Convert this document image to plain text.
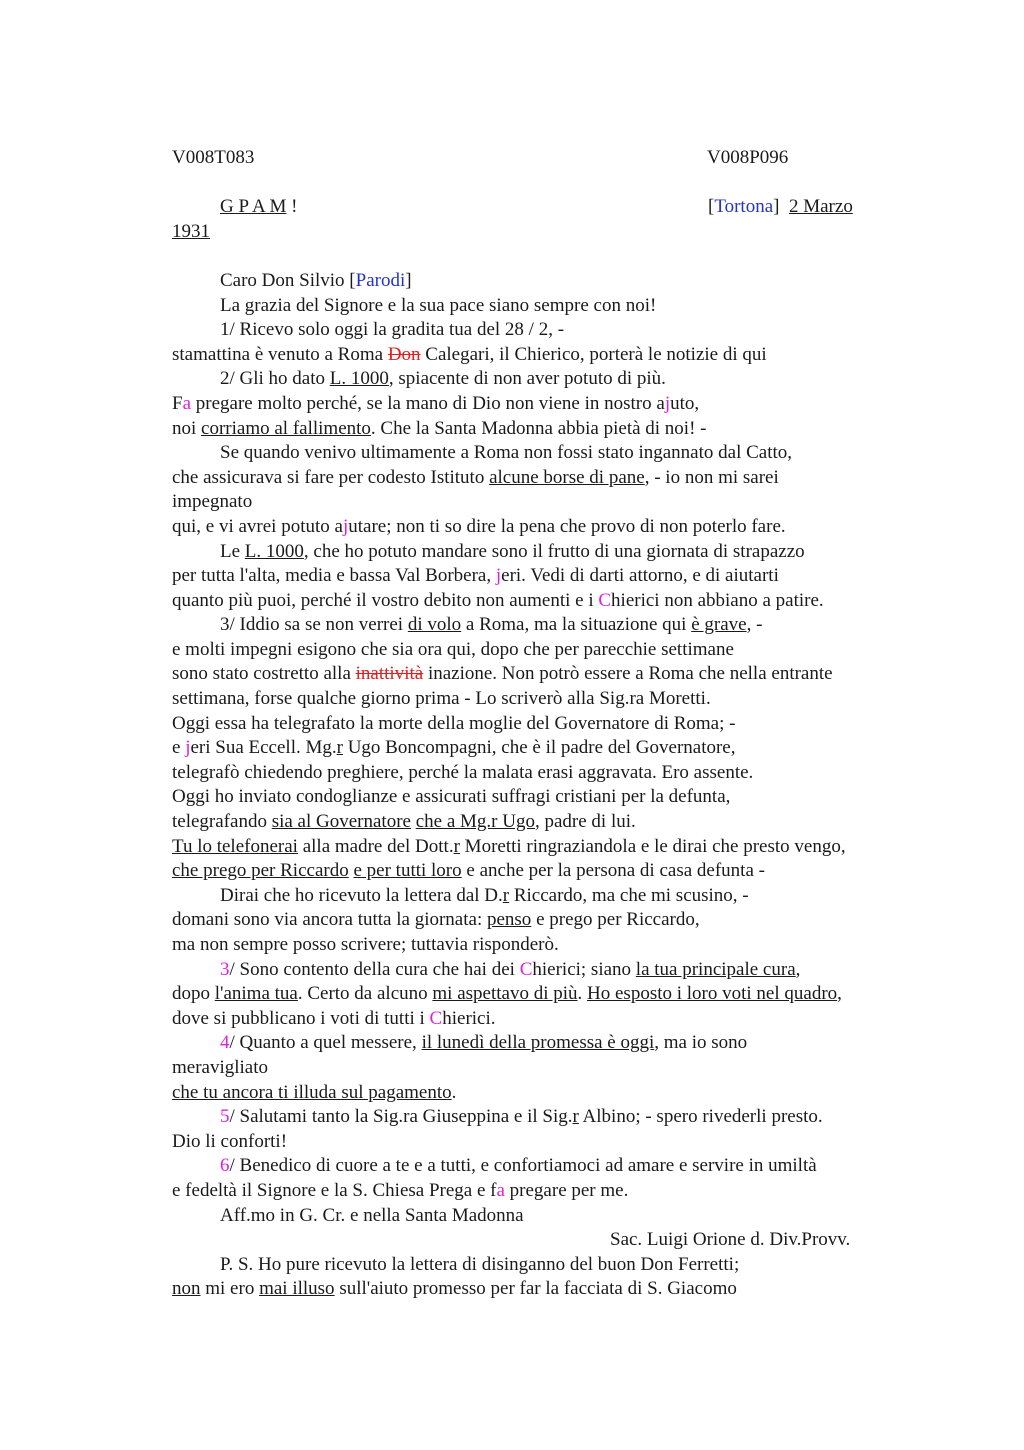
V008T083	V008P096
G P A M !	[Tortona] 2 Marzo
1931
Caro Don Silvio [Parodi]
La grazia del Signore e la sua pace siano sempre con noi!
1/ Ricevo solo oggi la gradita tua del 28 / 2, -
stamattina è venuto a Roma Don Calegari, il Chierico, porterà le notizie di qui
2/ Gli ho dato L. 1000, spiacente di non aver potuto di più.
Fa pregare molto perché, se la mano di Dio non viene in nostro ajuto,
noi corriamo al fallimento. Che la Santa Madonna abbia pietà di noi! -
Se quando venivo ultimamente a Roma non fossi stato ingannato dal Catto,
che assicurava si fare per codesto Istituto alcune borse di pane, - io non mi sarei
impegnato
qui, e vi avrei potuto ajutare; non ti so dire la pena che provo di non poterlo fare.
Le L. 1000, che ho potuto mandare sono il frutto di una giornata di strapazzo
per tutta l'alta, media e bassa Val Borbera, jeri. Vedi di darti attorno, e di aiutarti
quanto più puoi, perché il vostro debito non aumenti e i Chierici non abbiano a patire.
3/ Iddio sa se non verrei di volo a Roma, ma la situazione qui è grave, -
e molti impegni esigono che sia ora qui, dopo che per parecchie settimane
sono stato costretto alla inattività inazione. Non potrò essere a Roma che nella entrante
settimana, forse qualche giorno prima - Lo scriverò alla Sig.ra Moretti.
Oggi essa ha telegrafato la morte della moglie del Governatore di Roma; -
e jeri Sua Eccell. Mg.r Ugo Boncompagni, che è il padre del Governatore,
telegrafò chiedendo preghiere, perché la malata erasi aggravata. Ero assente.
Oggi ho inviato condoglianze e assicurati suffragi cristiani per la defunta,
telegrafando sia al Governatore che a Mg.r Ugo, padre di lui.
Tu lo telefonerai alla madre del Dott.r Moretti ringraziandola e le dirai che presto vengo,
che prego per Riccardo e per tutti loro e anche per la persona di casa defunta -
Dirai che ho ricevuto la lettera dal D.r Riccardo, ma che mi scusino, -
domani sono via ancora tutta la giornata: penso e prego per Riccardo,
ma non sempre posso scrivere; tuttavia risponderò.
3/ Sono contento della cura che hai dei Chierici; siano la tua principale cura,
dopo l'anima tua. Certo da alcuno mi aspettavo di più. Ho esposto i loro voti nel quadro,
dove si pubblicano i voti di tutti i Chierici.
4/ Quanto a quel messere, il lunedì della promessa è oggi, ma io sono
meravigliato
che tu ancora ti illuda sul pagamento.
5/ Salutami tanto la Sig.ra Giuseppina e il Sig.r Albino; - spero rivederli presto.
Dio li conforti!
6/ Benedico di cuore a te e a tutti, e confortiamoci ad amare e servire in umiltà
e fedeltà il Signore e la S. Chiesa Prega e fa pregare per me.
Aff.mo in G. Cr. e nella Santa Madonna
Sac. Luigi Orione d. Div.Provv.
P. S. Ho pure ricevuto la lettera di disinganno del buon Don Ferretti;
non mi ero mai illuso sull'aiuto promesso per far la facciata di S. Giacomo
